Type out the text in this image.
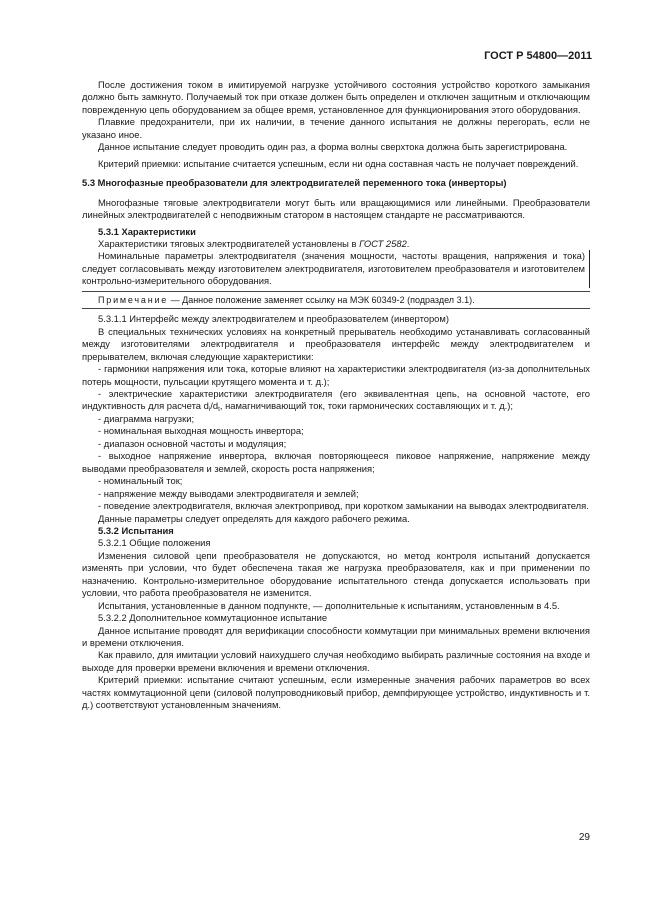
ГОСТ Р 54800—2011

После достижения током в имитируемой нагрузке устойчивого состояния устройство короткого замыкания должно быть замкнуто. Получаемый ток при отказе должен быть определен и отключен защитным и отключающим поврежденную цепь оборудованием за общее время, установленное для функционирования этого оборудования.

Плавкие предохранители, при их наличии, в течение данного испытания не должны перегорать, если не указано иное.

Данное испытание следует проводить один раз, а форма волны сверхтока должна быть зарегистрирована.

Критерий приемки: испытание считается успешным, если ни одна составная часть не получает повреждений.

5.3 Многофазные преобразователи для электродвигателей переменного тока (инверторы)

Многофазные тяговые электродвигатели могут быть или вращающимися или линейными. Преобразователи линейных электродвигателей с неподвижным статором в настоящем стандарте не рассматриваются.

5.3.1 Характеристики

Характеристики тяговых электродвигателей установлены в ГОСТ 2582.

Номинальные параметры электродвигателя (значения мощности, частоты вращения, напряжения и тока) следует согласовывать между изготовителем электродвигателя, изготовителем преобразователя и изготовителем контрольно-измерительного оборудования.

Примечание — Данное положение заменяет ссылку на МЭК 60349-2 (подраздел 3.1).

5.3.1.1 Интерфейс между электродвигателем и преобразователем (инвертором)

В специальных технических условиях на конкретный прерыватель необходимо устанавливать согласованный между изготовителями электродвигателя и преобразователя интерфейс между электродвигателем и прерывателем, включая следующие характеристики:

- гармоники напряжения или тока, которые влияют на характеристики электродвигателя (из-за дополнительных потерь мощности, пульсации крутящего момента и т. д.);

- электрические характеристики электродвигателя (его эквивалентная цепь, на основной частоте, его индуктивность для расчета $d_i/d_t$, намагничивающий ток, токи гармонических составляющих и т. д.);

- диаграмма нагрузки;

- номинальная выходная мощность инвертора;

- диапазон основной частоты и модуляция;

- выходное напряжение инвертора, включая повторяющееся пиковое напряжение, напряжение между выводами преобразователя и землей, скорость роста напряжения;

- номинальный ток;

- напряжение между выводами электродвигателя и землей;

- поведение электродвигателя, включая электропривод, при коротком замыкании на выводах электродвигателя.

Данные параметры следует определять для каждого рабочего режима.

5.3.2 Испытания

5.3.2.1 Общие положения

Изменения силовой цепи преобразователя не допускаются, но метод контроля испытаний допускается изменять при условии, что будет обеспечена такая же нагрузка преобразователя, как и при применении по назначению. Контрольно-измерительное оборудование испытательного стенда допускается использовать при условии, что работа преобразователя не изменится.

Испытания, установленные в данном подпункте, — дополнительные к испытаниям, установленным в 4.5.

5.3.2.2 Дополнительное коммутационное испытание

Данное испытание проводят для верификации способности коммутации при минимальных времени включения и времени отключения.

Как правило, для имитации условий наихудшего случая необходимо выбирать различные состояния на входе и выходе для проверки времени включения и времени отключения.

Критерий приемки: испытание считают успешным, если измеренные значения рабочих параметров во всех частях коммутационной цепи (силовой полупроводниковый прибор, демпфирующее устройство, индуктивность и т. д.) соответствуют установленным значениям.

29
